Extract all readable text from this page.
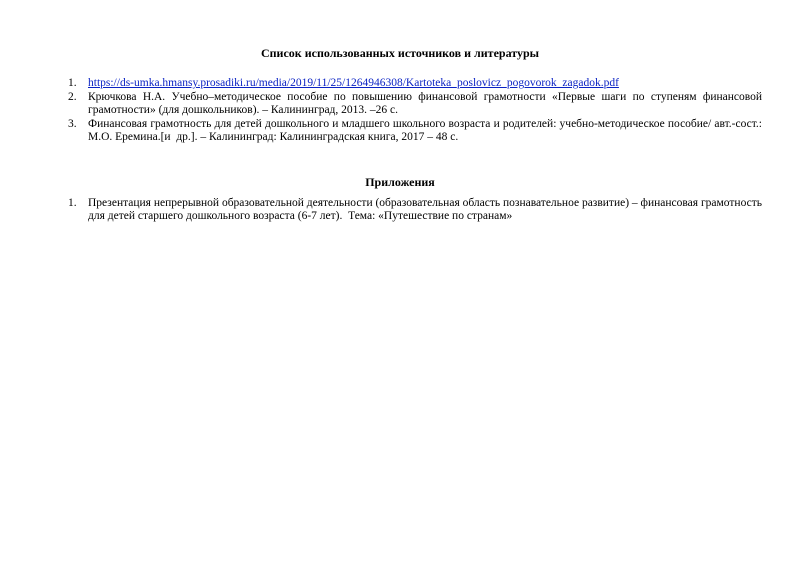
Список использованных источников и литературы
1. https://ds-umka.hmansy.prosadiki.ru/media/2019/11/25/1264946308/Kartoteka_poslovicz_pogovorok_zagadok.pdf
2. Крючкова Н.А. Учебно–методическое пособие по повышению финансовой грамотности «Первые шаги по ступеням финансовой грамотности» (для дошкольников). – Калининград, 2013. –26 с.
3. Финансовая грамотность для детей дошкольного и младшего школьного возраста и родителей: учебно-методическое пособие/ авт.-сост.: М.О. Еремина.[и  др.]. – Калининград: Калининградская книга, 2017 – 48 с.
Приложения
1. Презентация непрерывной образовательной деятельности (образовательная область познавательное развитие) – финансовая грамотность для детей старшего дошкольного возраста (6-7 лет).  Тема: «Путешествие по странам»
